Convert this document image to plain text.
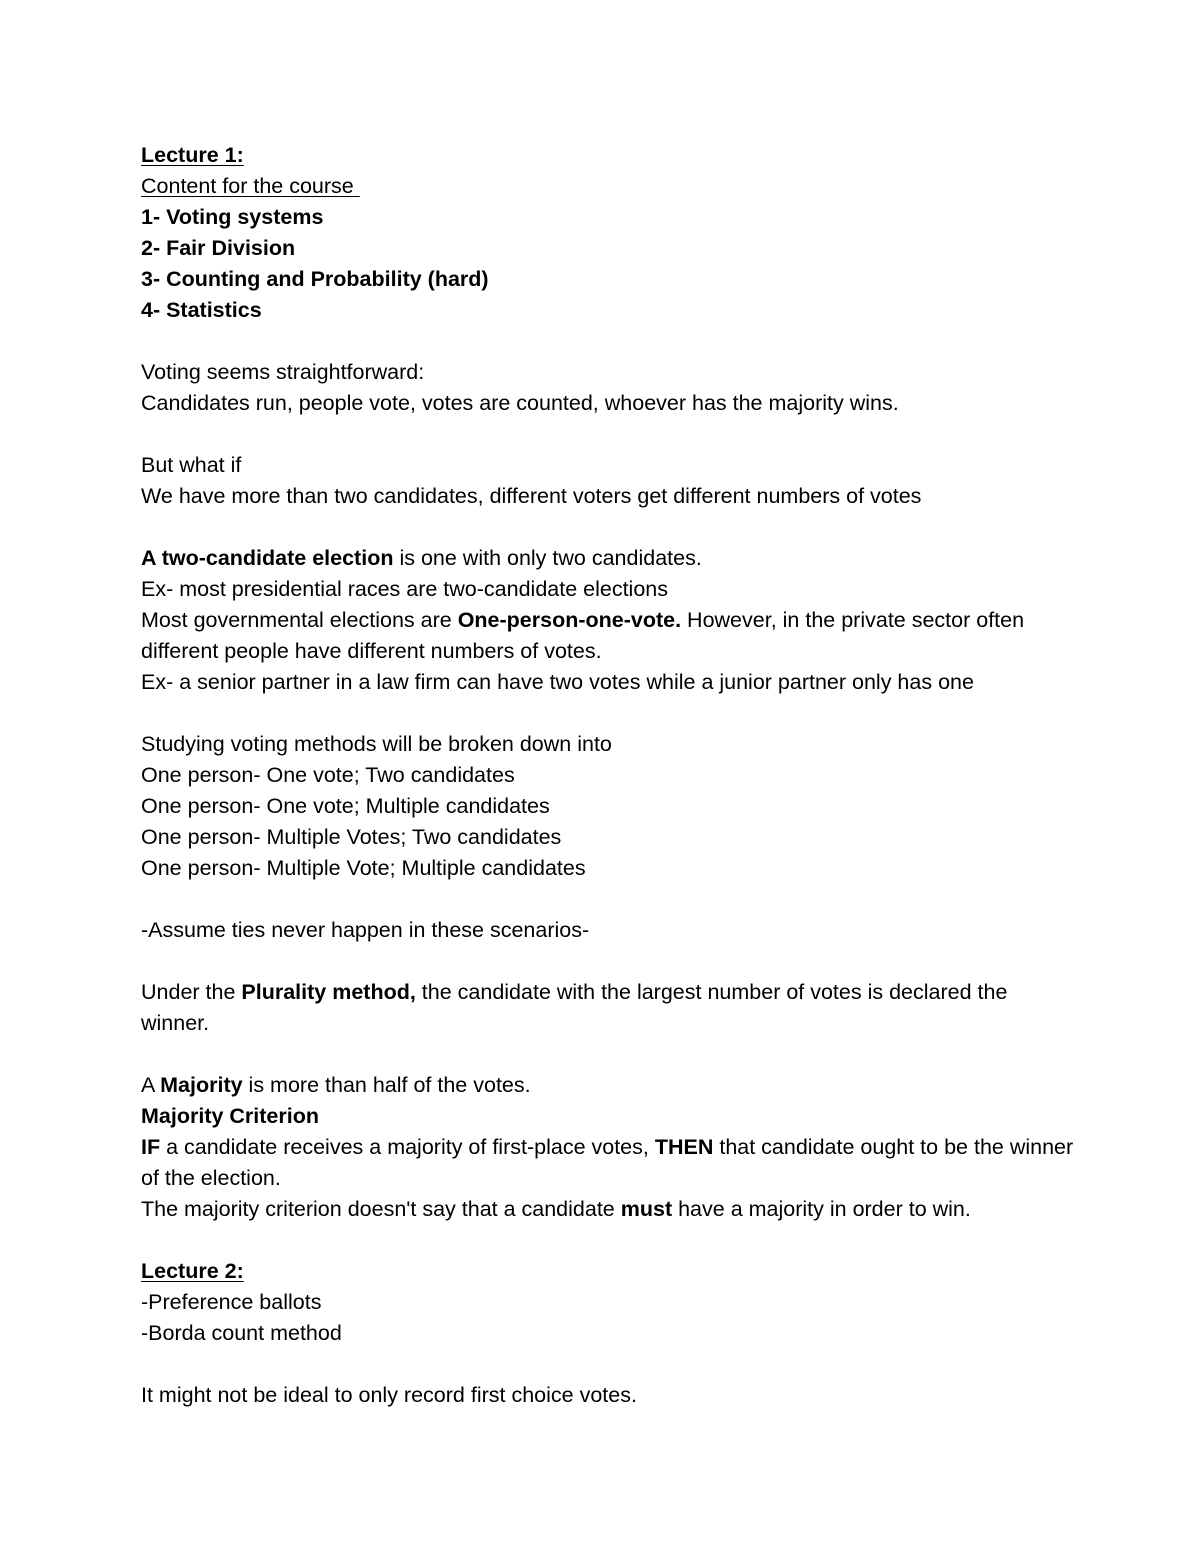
Lecture 1:
Content for the course
1- Voting systems
2- Fair Division
3- Counting and Probability (hard)
4- Statistics
Voting seems straightforward:
Candidates run, people vote, votes are counted, whoever has the majority wins.
But what if
We have more than two candidates, different voters get different numbers of votes
A two-candidate election is one with only two candidates.
Ex- most presidential races are two-candidate elections
Most governmental elections are One-person-one-vote. However, in the private sector often different people have different numbers of votes.
Ex- a senior partner in a law firm can have two votes while a junior partner only has one
Studying voting methods will be broken down into
One person- One vote; Two candidates
One person- One vote; Multiple candidates
One person- Multiple Votes; Two candidates
One person- Multiple Vote; Multiple candidates
-Assume ties never happen in these scenarios-
Under the Plurality method, the candidate with the largest number of votes is declared the winner.
A Majority is more than half of the votes.
Majority Criterion
IF a candidate receives a majority of first-place votes, THEN that candidate ought to be the winner of the election.
The majority criterion doesn't say that a candidate must have a majority in order to win.
Lecture 2:
-Preference ballots
-Borda count method
It might not be ideal to only record first choice votes.
